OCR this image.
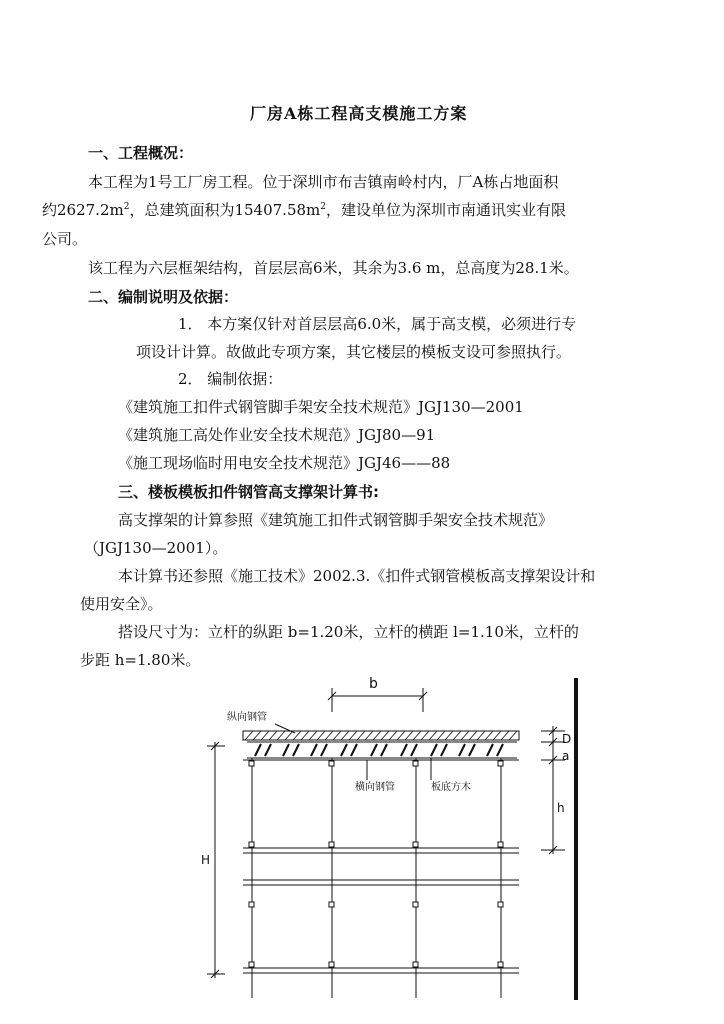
厂房A栋工程高支模施工方案
一、工程概况：
本工程为1号工厂房工程。位于深圳市布吉镇南岭村内，厂A栋占地面积
约$2627.2m^2$，总建筑面积为$15407.58m^2$，建设单位为深圳市南通讯实业有限
公司。
该工程为六层框架结构，首层层高6米，其余为3.6 m，总高度为28.1米。
二、编制说明及依据：
1． 本方案仅针对首层层高6.0米，属于高支模，必须进行专
项设计计算。故做此专项方案，其它楼层的模板支设可参照执行。
2． 编制依据：
《建筑施工扣件式钢管脚手架安全技术规范》JGJ130—2001
《建筑施工高处作业安全技术规范》JGJ80—91
《施工现场临时用电安全技术规范》JGJ46——88
三、楼板模板扣件钢管高支撑架计算书:
高支撑架的计算参照《建筑施工扣件式钢管脚手架安全技术规范》
（JGJ130—2001）。
本计算书还参照《施工技术》2002.3.《扣件式钢管模板高支撑架设计和
使用安全》。
搭设尺寸为：立杆的纵距 b=1.20米，立杆的横距 l=1.10米，立杆的
步距 h=1.80米。
b
纵向钢管
横向钢管	板底方木
D
a
h
H
